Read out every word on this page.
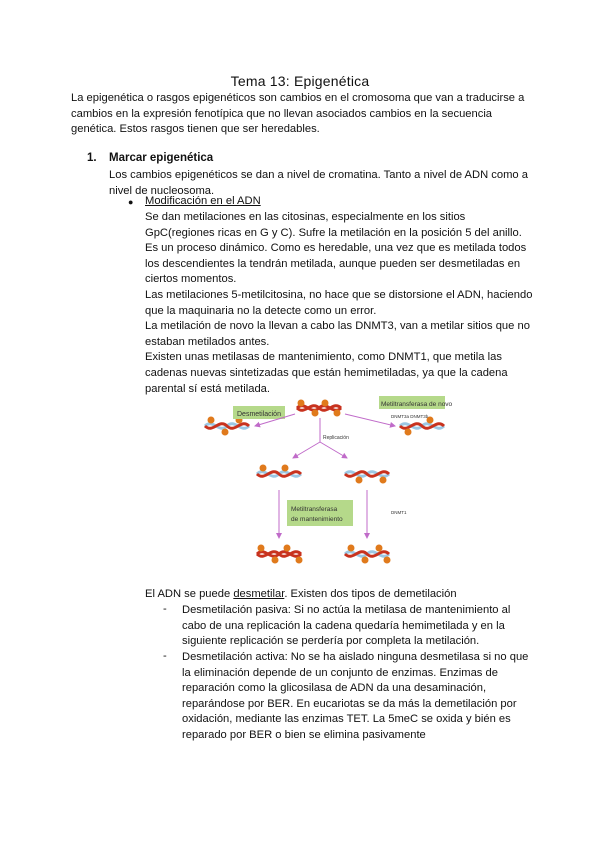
Tema 13: Epigenética

La epigenética o rasgos epigenéticos son cambios en el cromosoma que van a traducirse a cambios en la expresión fenotípica que no llevan asociados cambios en la secuencia genética. Estos rasgos tienen que ser heredables.

1. Marcar epigenética

Los cambios epigenéticos se dan a nivel de cromatina. Tanto a nivel de ADN como a nivel de nucleosoma.

● Modificación en el ADN

Se dan metilaciones en las citosinas, especialmente en los sitios GpC(regiones ricas en G y C). Sufre la metilación en la posición 5 del anillo.

Es un proceso dinámico. Como es heredable, una vez que es metilada todos los descendientes la tendrán metilada, aunque pueden ser desmetiladas en ciertos momentos.

Las metilaciones 5-metilcitosina, no hace que se distorsione el ADN, haciendo que la maquinaria no la detecte como un error.

La metilación de novo la llevan a cabo las DNMT3, van a metilar sitios que no estaban metilados antes.

Existen unas metilasas de mantenimiento, como DNMT1, que metila las cadenas nuevas sintetizadas que están hemimetiladas, ya que la cadena parental sí está metilada.

Desmetilación
Metiltransferasa de novo
DNMT3a DNMT3b
Replicación
Metiltransferasa
de mantenimiento
DNMT1

El ADN se puede desmetilar. Existen dos tipos de demetilación

- Desmetilación pasiva: Si no actúa la metilasa de mantenimiento al cabo de una replicación la cadena quedaría hemimetilada y en la siguiente replicación se perdería por completa la metilación.

- Desmetilación activa: No se ha aislado ninguna desmetilasa si no que la eliminación depende de un conjunto de enzimas. Enzimas de reparación como la glicosilasa de ADN da una desaminación, reparándose por BER. En eucariotas se da más la demetilación por oxidación, mediante las enzimas TET. La 5meC se oxida y bién es reparado por BER o bien se elimina pasivamente
